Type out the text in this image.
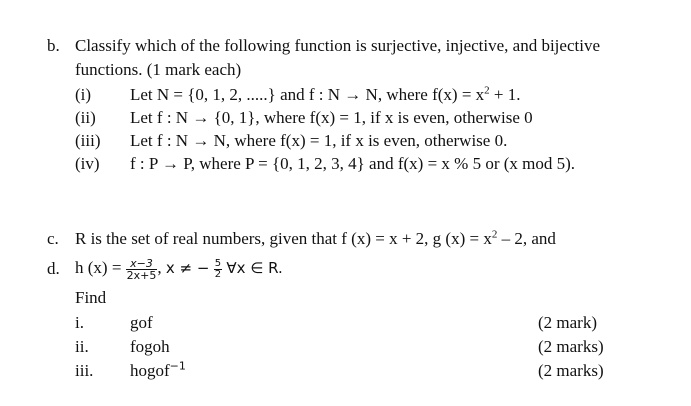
b. Classify which of the following function is surjective, injective, and bijective
functions. (1 mark each)
(i) Let N = {0, 1, 2, .....} and f : N → N, where $f(x) = x^2 + 1$.
(ii) Let f : N → {0, 1}, where f(x) = 1, if x is even, otherwise 0
(iii) Let f : N → N, where f(x) = 1, if x is even, otherwise 0.
(iv) f : P → P, where P = {0, 1, 2, 3, 4} and f(x) = x % 5 or (x mod 5).
c. R is the set of real numbers, given that f (x) = x + 2, g $(x) = x^2 - 2$, and
d. h $(x) = \frac{x-3}{2x+5}$ , x ≠ − $\frac{5}{2}$ ∀x ∈ R.
Find
i.	gof	(2 mark)
ii. fogoh	(2 marks)
iii. hogof$^{-1}$	(2 marks)
